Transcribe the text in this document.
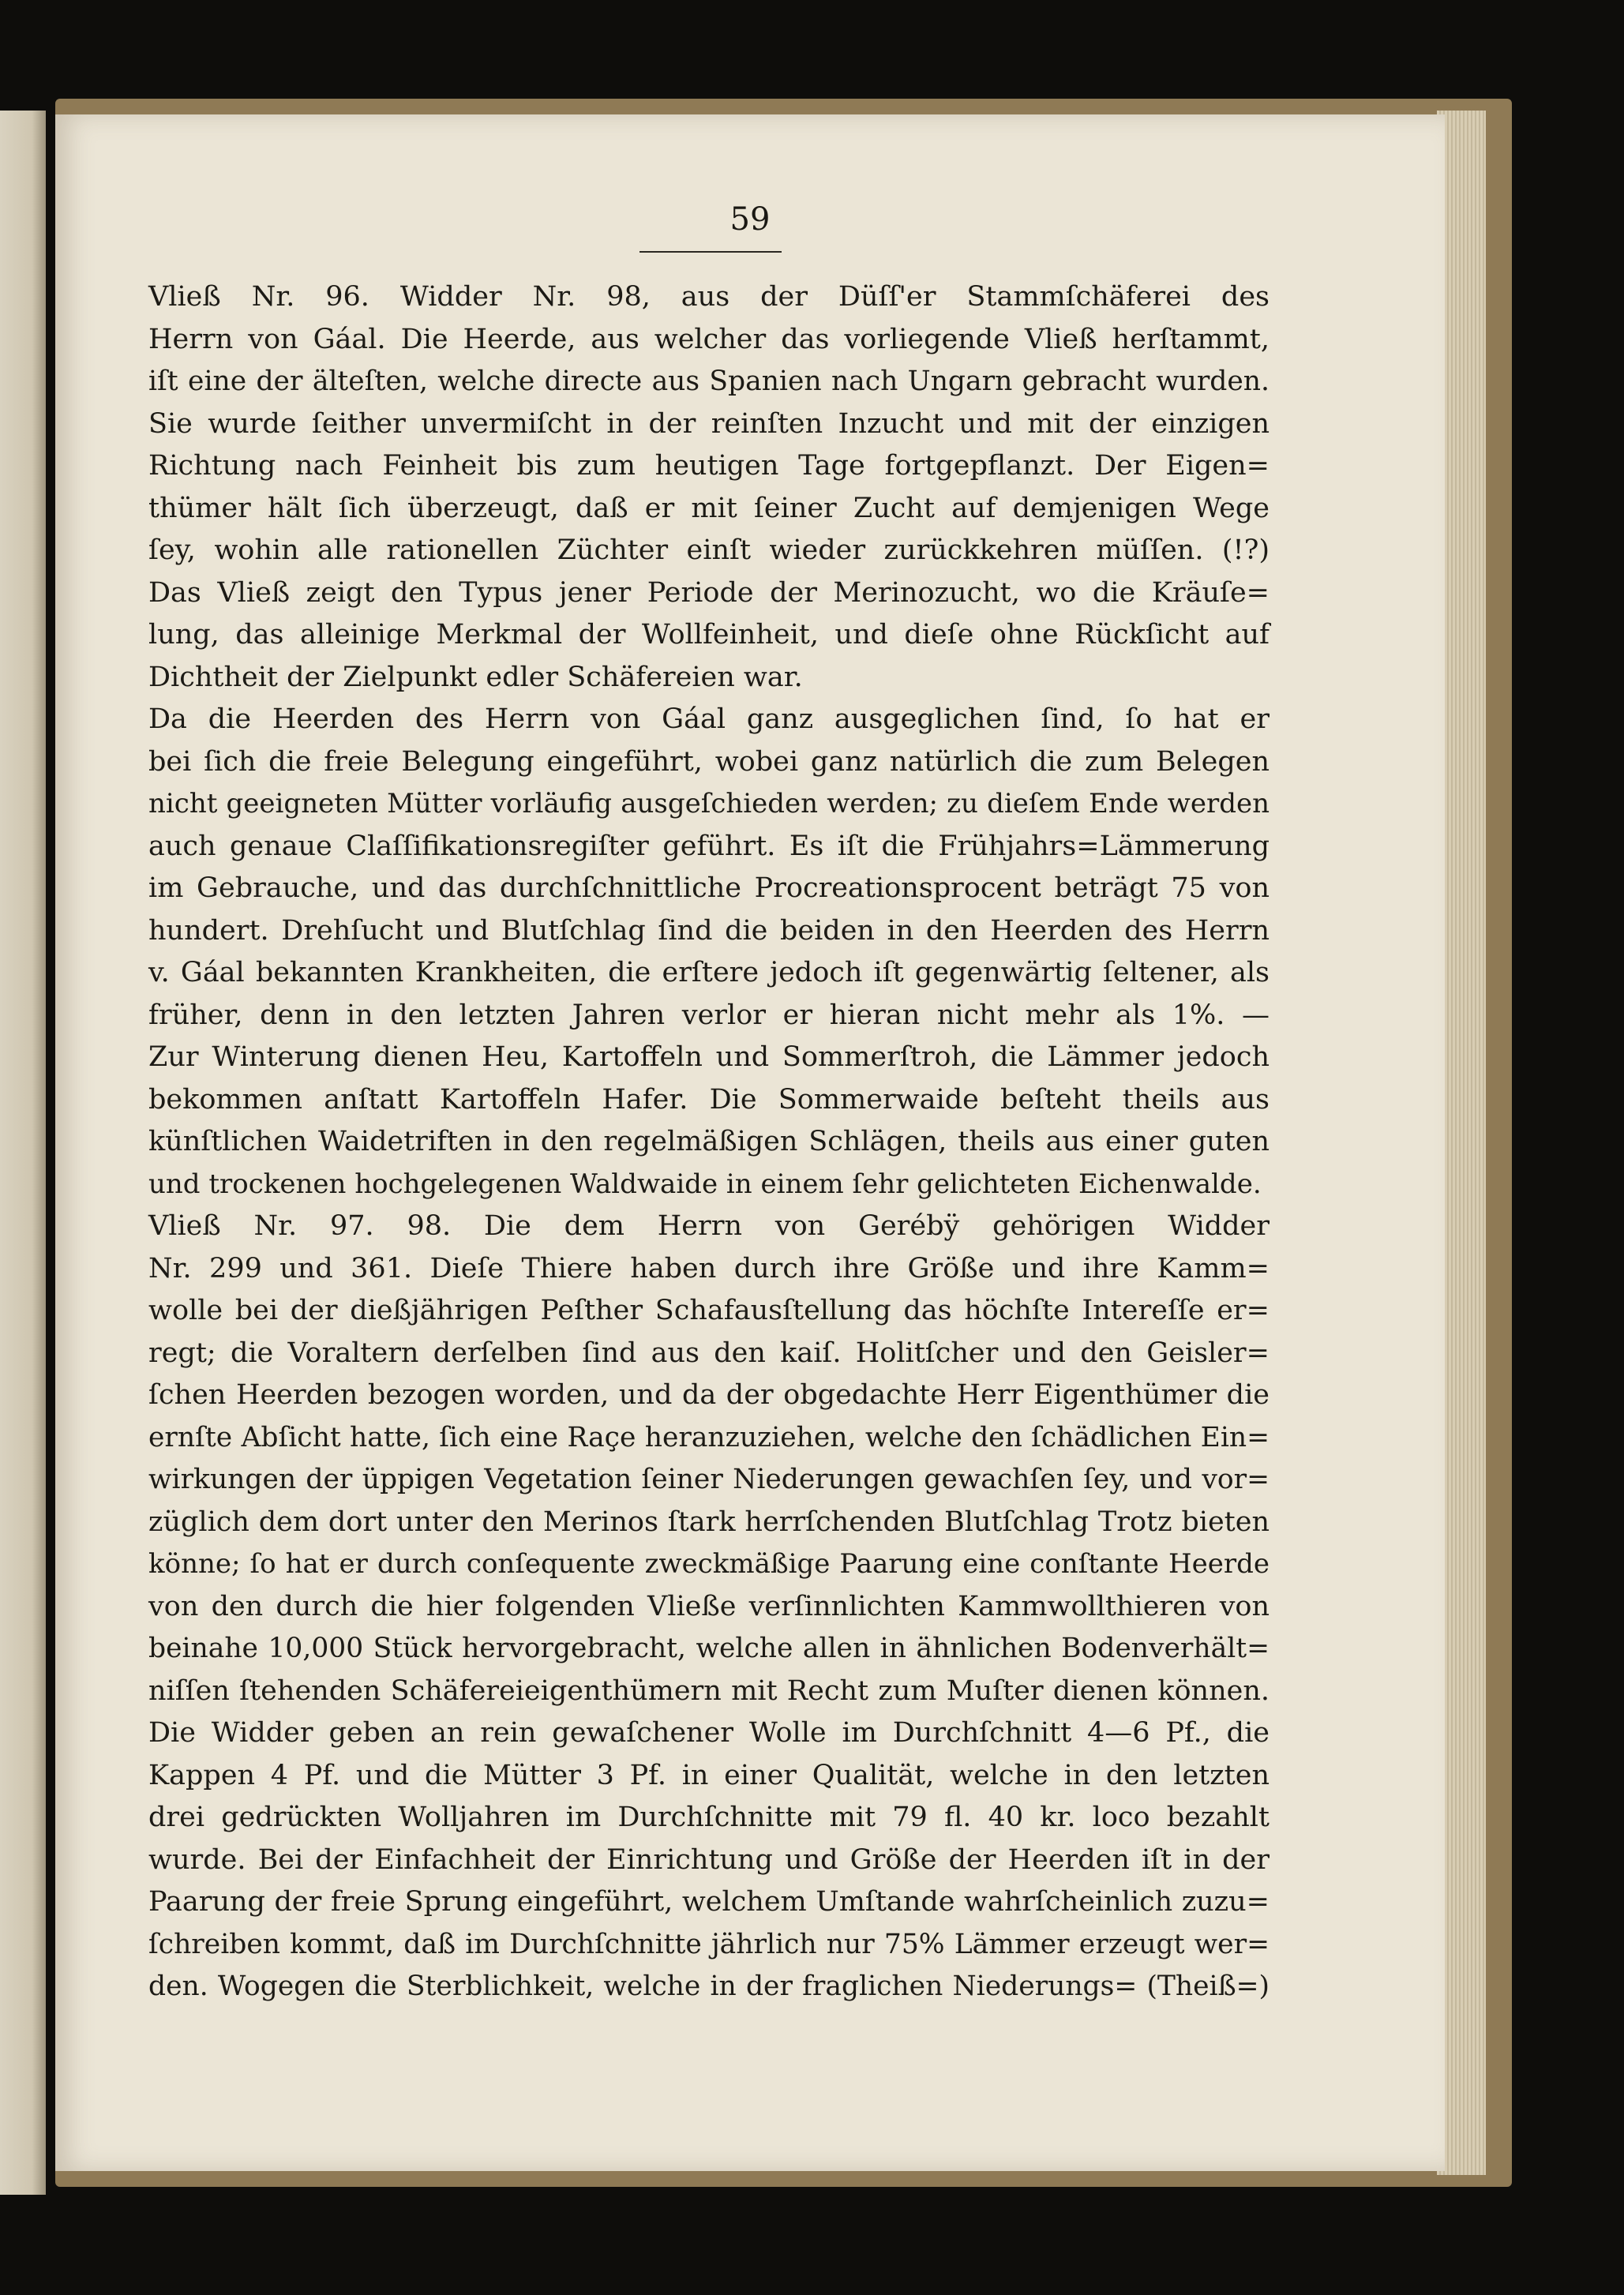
59
Vließ Nr. 96. Widder Nr. 98, aus der Düſſ'er Stammſchäferei des
Herrn von Gáal. Die Heerde, aus welcher das vorliegende Vließ herſtammt,
iſt eine der älteſten, welche directe aus Spanien nach Ungarn gebracht wurden.
Sie wurde ſeither unvermiſcht in der reinſten Inzucht und mit der einzigen
Richtung nach Feinheit bis zum heutigen Tage fortgepflanzt. Der Eigen=
thümer hält ſich überzeugt, daß er mit ſeiner Zucht auf demjenigen Wege
ſey, wohin alle rationellen Züchter einſt wieder zurückkehren müſſen. (!?)
Das Vließ zeigt den Typus jener Periode der Merinozucht, wo die Kräuſe=
lung, das alleinige Merkmal der Wollfeinheit, und dieſe ohne Rückſicht auf
Dichtheit der Zielpunkt edler Schäfereien war.
Da die Heerden des Herrn von Gáal ganz ausgeglichen ſind, ſo hat er
bei ſich die freie Belegung eingeführt, wobei ganz natürlich die zum Belegen
nicht geeigneten Mütter vorläufig ausgeſchieden werden; zu dieſem Ende werden
auch genaue Claſſifikationsregiſter geführt. Es iſt die Frühjahrs=Lämmerung
im Gebrauche, und das durchſchnittliche Procreationsprocent beträgt 75 von
hundert. Drehſucht und Blutſchlag ſind die beiden in den Heerden des Herrn
v. Gáal bekannten Krankheiten, die erſtere jedoch iſt gegenwärtig ſeltener, als
früher, denn in den letzten Jahren verlor er hieran nicht mehr als 1%. —
Zur Winterung dienen Heu, Kartoffeln und Sommerſtroh, die Lämmer jedoch
bekommen anſtatt Kartoffeln Hafer. Die Sommerwaide beſteht theils aus
künſtlichen Waidetriften in den regelmäßigen Schlägen, theils aus einer guten
und trockenen hochgelegenen Waldwaide in einem ſehr gelichteten Eichenwalde.
Vließ Nr. 97. 98. Die dem Herrn von Gerébÿ gehörigen Widder
Nr. 299 und 361. Dieſe Thiere haben durch ihre Größe und ihre Kamm=
wolle bei der dießjährigen Peſther Schafausſtellung das höchſte Intereſſe er=
regt; die Voraltern derſelben ſind aus den kaiſ. Holitſcher und den Geisler=
ſchen Heerden bezogen worden, und da der obgedachte Herr Eigenthümer die
ernſte Abſicht hatte, ſich eine Raçe heranzuziehen, welche den ſchädlichen Ein=
wirkungen der üppigen Vegetation ſeiner Niederungen gewachſen ſey, und vor=
züglich dem dort unter den Merinos ſtark herrſchenden Blutſchlag Trotz bieten
könne; ſo hat er durch conſequente zweckmäßige Paarung eine conſtante Heerde
von den durch die hier folgenden Vließe verſinnlichten Kammwollthieren von
beinahe 10,000 Stück hervorgebracht, welche allen in ähnlichen Bodenverhält=
niſſen ſtehenden Schäfereieigenthümern mit Recht zum Muſter dienen können.
Die Widder geben an rein gewaſchener Wolle im Durchſchnitt 4—6 Pf., die
Kappen 4 Pf. und die Mütter 3 Pf. in einer Qualität, welche in den letzten
drei gedrückten Wolljahren im Durchſchnitte mit 79 fl. 40 kr. loco bezahlt
wurde. Bei der Einfachheit der Einrichtung und Größe der Heerden iſt in der
Paarung der freie Sprung eingeführt, welchem Umſtande wahrſcheinlich zuzu=
ſchreiben kommt, daß im Durchſchnitte jährlich nur 75% Lämmer erzeugt wer=
den. Wogegen die Sterblichkeit, welche in der fraglichen Niederungs= (Theiß=)
